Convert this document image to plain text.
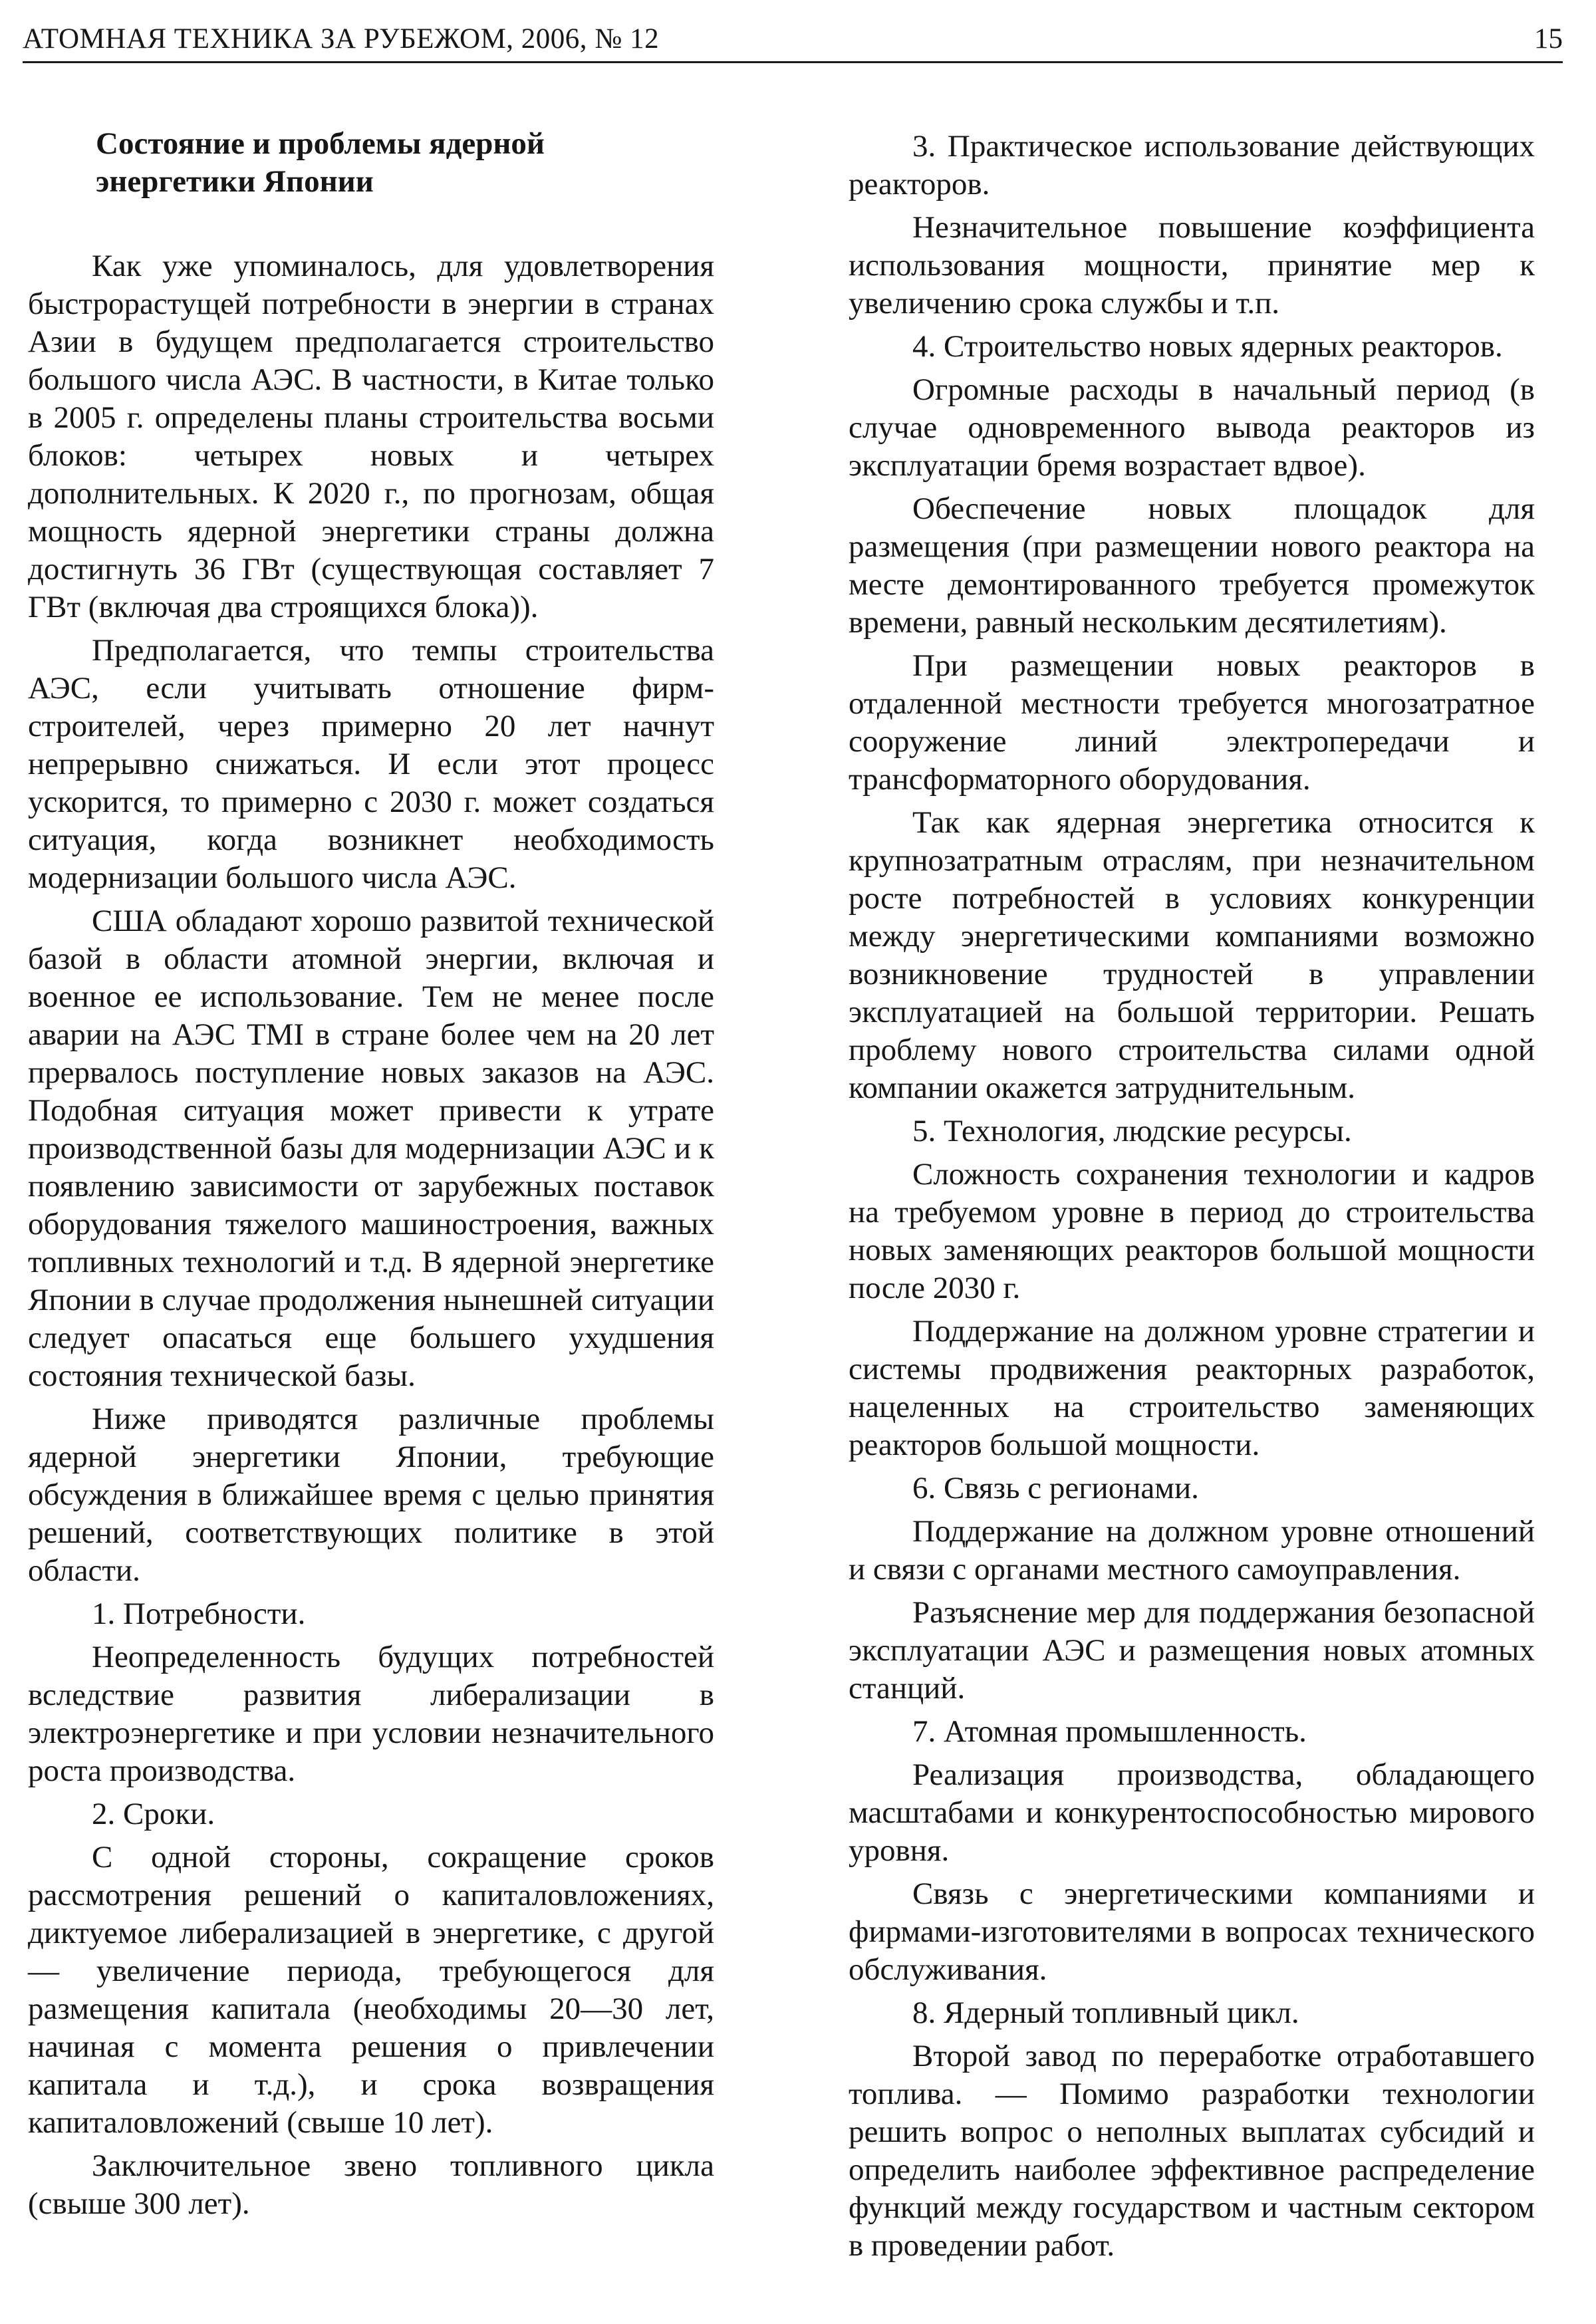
АТОМНАЯ ТЕХНИКА ЗА РУБЕЖОМ, 2006, № 12	15
Состояние и проблемы ядерной
энергетики Японии

Как уже упоминалось, для удовлетворения быстрорастущей потребности в энергии в странах Азии в будущем предполагается строительство большого числа АЭС. В частности, в Китае только в 2005 г. определены планы строительства восьми блоков: четырех новых и четырех дополнительных. К 2020 г., по прогнозам, общая мощность ядерной энергетики страны должна достигнуть 36 ГВт (существующая составляет 7 ГВт (включая два строящихся блока)).

Предполагается, что темпы строительства АЭС, если учитывать отношение фирм-строителей, через примерно 20 лет начнут непрерывно снижаться. И если этот процесс ускорится, то примерно с 2030 г. может создаться ситуация, когда возникнет необходимость модернизации большого числа АЭС.

США обладают хорошо развитой технической базой в области атомной энергии, включая и военное ее использование. Тем не менее после аварии на АЭС TMI в стране более чем на 20 лет прервалось поступление новых заказов на АЭС. Подобная ситуация может привести к утрате производственной базы для модернизации АЭС и к появлению зависимости от зарубежных поставок оборудования тяжелого машиностроения, важных топливных технологий и т.д. В ядерной энергетике Японии в случае продолжения нынешней ситуации следует опасаться еще большего ухудшения состояния технической базы.

Ниже приводятся различные проблемы ядерной энергетики Японии, требующие обсуждения в ближайшее время с целью принятия решений, соответствующих политике в этой области.

1. Потребности.

Неопределенность будущих потребностей вследствие развития либерализации в электроэнергетике и при условии незначительного роста производства.

2. Сроки.

С одной стороны, сокращение сроков рассмотрения решений о капиталовложениях, диктуемое либерализацией в энергетике, с другой — увеличение периода, требующегося для размещения капитала (необходимы 20—30 лет, начиная с момента решения о привлечении капитала и т.д.), и срока возвращения капиталовложений (свыше 10 лет).

Заключительное звено топливного цикла (свыше 300 лет).

3. Практическое использование действующих реакторов.

Незначительное повышение коэффициента использования мощности, принятие мер к увеличению срока службы и т.п.

4. Строительство новых ядерных реакторов.

Огромные расходы в начальный период (в случае одновременного вывода реакторов из эксплуатации бремя возрастает вдвое).

Обеспечение новых площадок для размещения (при размещении нового реактора на месте демонтированного требуется промежуток времени, равный нескольким десятилетиям).

При размещении новых реакторов в отдаленной местности требуется многозатратное сооружение линий электропередачи и трансформаторного оборудования.

Так как ядерная энергетика относится к крупнозатратным отраслям, при незначительном росте потребностей в условиях конкуренции между энергетическими компаниями возможно возникновение трудностей в управлении эксплуатацией на большой территории. Решать проблему нового строительства силами одной компании окажется затруднительным.

5. Технология, людские ресурсы.

Сложность сохранения технологии и кадров на требуемом уровне в период до строительства новых заменяющих реакторов большой мощности после 2030 г.

Поддержание на должном уровне стратегии и системы продвижения реакторных разработок, нацеленных на строительство заменяющих реакторов большой мощности.

6. Связь с регионами.

Поддержание на должном уровне отношений и связи с органами местного самоуправления.

Разъяснение мер для поддержания безопасной эксплуатации АЭС и размещения новых атомных станций.

7. Атомная промышленность.

Реализация производства, обладающего масштабами и конкурентоспособностью мирового уровня.

Связь с энергетическими компаниями и фирмами-изготовителями в вопросах технического обслуживания.

8. Ядерный топливный цикл.

Второй завод по переработке отработавшего топлива. — Помимо разработки технологии решить вопрос о неполных выплатах субсидий и определить наиболее эффективное распределение функций между государством и частным сектором в проведении работ.
